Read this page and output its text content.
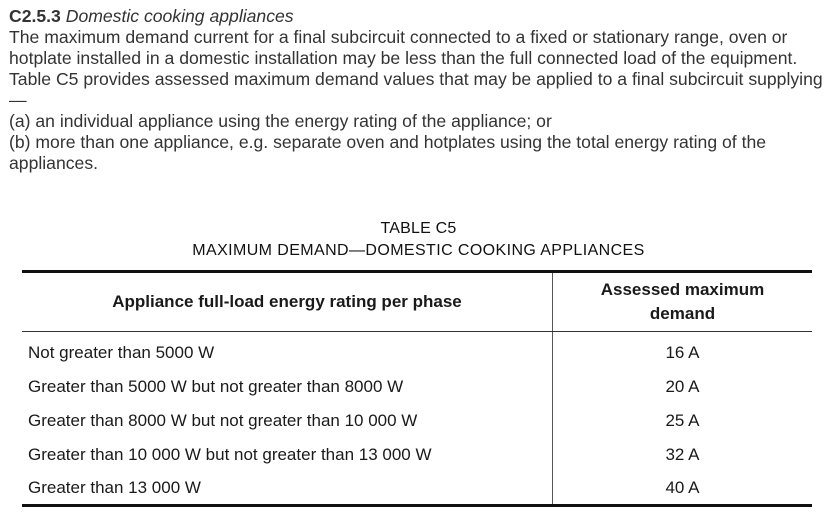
C2.5.3 Domestic cooking appliances

The maximum demand current for a final subcircuit connected to a fixed or stationary range, oven or hotplate installed in a domestic installation may be less than the full connected load of the equipment.

Table C5 provides assessed maximum demand values that may be applied to a final subcircuit supplying—

(a) an individual appliance using the energy rating of the appliance; or

(b) more than one appliance, e.g. separate oven and hotplates using the total energy rating of the appliances.

TABLE C5
MAXIMUM DEMAND—DOMESTIC COOKING APPLIANCES
Appliance full-load energy rating per phase	Assessed maximum
demand
Not greater than 5000 W	16 A
Greater than 5000 W but not greater than 8000 W	20 A
Greater than 8000 W but not greater than 10 000 W	25 A
Greater than 10 000 W but not greater than 13 000 W	32 A
Greater than 13 000 W	40 A
